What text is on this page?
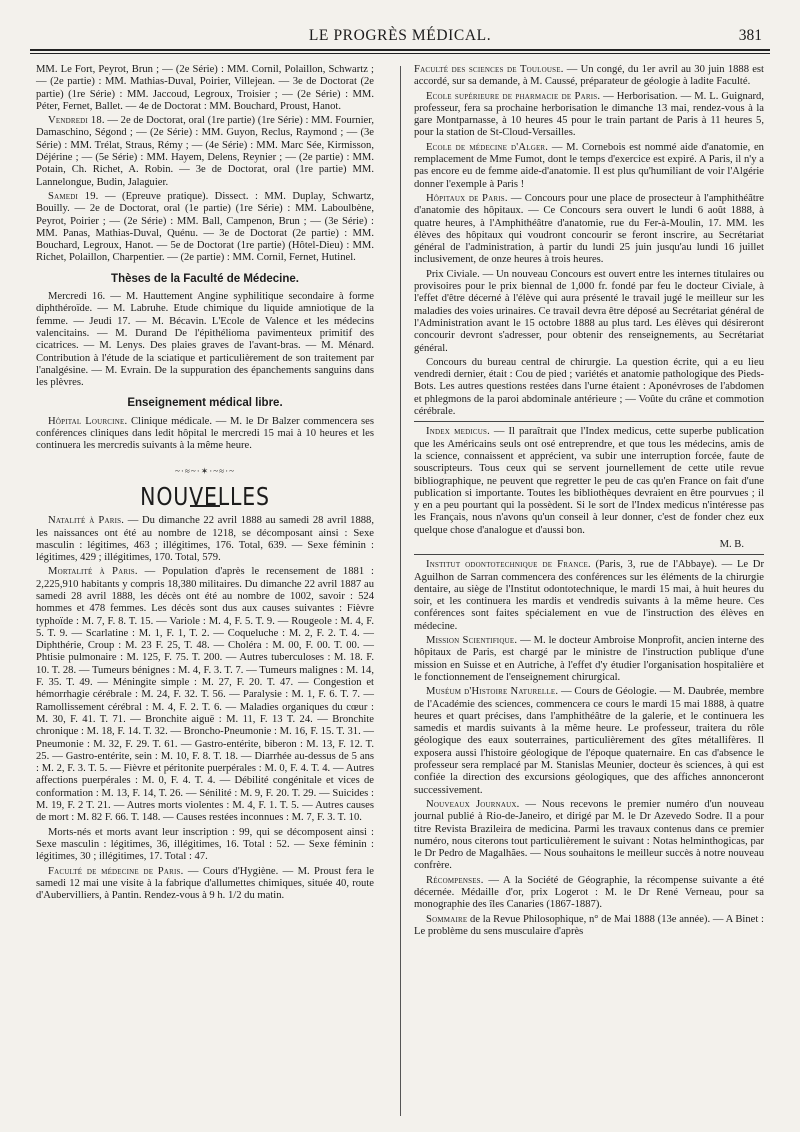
LE PROGRÈS MÉDICAL.	381

MM. Le Fort, Peyrot, Brun ; — (2e Série) : MM. Cornil, Polaillon, Schwartz ; — (2e partie) : MM. Mathias-Duval, Poirier, Villejean. — 3e de Doctorat (2e partie) (1re Série) : MM. Jaccoud, Legroux, Troisier ; — (2e Série) : MM. Péter, Fernet, Ballet. — 4e de Doctorat : MM. Bouchard, Proust, Hanot.

Vendredi 18. — 2e de Doctorat, oral (1re partie) (1re Série) : MM. Fournier, Damaschino, Ségond ; — (2e Série) : MM. Guyon, Reclus, Raymond ; — (3e Série) : MM. Trélat, Straus, Rémy ; — (4e Série) : MM. Marc Sée, Kirmisson, Déjérine ; — (5e Série) : MM. Hayem, Delens, Reynier ; — (2e partie) : MM. Potain, Ch. Richet, A. Robin. — 3e de Doctorat, oral (1re partie) MM. Lannelongue, Budin, Jalaguier.

Samedi 19. — (Epreuve pratique). Dissect. : MM. Duplay, Schwartz, Bouilly. — 2e de Doctorat, oral (1e partie) (1re Série) : MM. Laboulbène, Peyrot, Poirier ; — (2e Série) : MM. Ball, Campenon, Brun ; — (3e Série) : MM. Panas, Mathias-Duval, Quénu. — 3e de Doctorat (2e partie) : MM. Bouchard, Legroux, Hanot. — 5e de Doctorat (1re partie) (Hôtel-Dieu) : MM. Richet, Polaillon, Charpentier. — (2e partie) : MM. Cornil, Fernet, Hutinel.

Thèses de la Faculté de Médecine.

Mercredi 16. — M. Hauttement Angine syphilitique secondaire à forme diphthéroïde. — M. Labruhe. Etude chimique du liquide amniotique de la femme. — Jeudi 17. — M. Bécavin. L'Ecole de Valence et les médecins valencitains. — M. Durand De l'épithélioma pavimenteux primitif des cicatrices. — M. Lenys. Des plaies graves de l'avant-bras. — M. Ménard. Contribution à l'étude de la sciatique et particulièrement de son traitement par l'analgésine. — M. Evrain. De la suppuration des épanchements sanguins dans les plèvres.

Enseignement médical libre.

Hôpital Lourcine. Clinique médicale. — M. le Dr Balzer commencera ses conférences cliniques dans ledit hôpital le mercredi 15 mai à 10 heures et les continuera les mercredis suivants à la même heure.

~·≈~·✶·~≈·~
NOUVELLES

Natalité à Paris. — Du dimanche 22 avril 1888 au samedi 28 avril 1888, les naissances ont été au nombre de 1218, se décomposant ainsi : Sexe masculin : légitimes, 463 ; illégitimes, 176. Total, 639. — Sexe féminin : légitimes, 429 ; illégitimes, 170. Total, 579.

Mortalité à Paris. — Population d'après le recensement de 1881 : 2,225,910 habitants y compris 18,380 militaires. Du dimanche 22 avril 1887 au samedi 28 avril 1888, les décès ont été au nombre de 1002, savoir : 524 hommes et 478 femmes. Les décès sont dus aux causes suivantes : Fièvre typhoïde : M. 7, F. 8. T. 15. — Variole : M. 4, F. 5. T. 9. — Rougeole : M. 4, F. 5. T. 9. — Scarlatine : M. 1, F. 1, T. 2. — Coqueluche : M. 2, F. 2. T. 4. — Diphthérie, Croup : M. 23 F. 25, T. 48. — Choléra : M. 00, F. 00. T. 00. — Phtisie pulmonaire : M. 125, F. 75. T. 200. — Autres tuberculoses : M. 18. F. 10. T. 28. — Tumeurs bénignes : M. 4, F. 3. T. 7. — Tumeurs malignes : M. 14, F. 35. T. 49. — Méningite simple : M. 27, F. 20. T. 47. — Congestion et hémorrhagie cérébrale : M. 24, F. 32. T. 56. — Paralysie : M. 1, F. 6. T. 7. — Ramollissement cérébral : M. 4, F. 2. T. 6. — Maladies organiques du cœur : M. 30, F. 41. T. 71. — Bronchite aiguë : M. 11, F. 13 T. 24. — Bronchite chronique : M. 18, F. 14. T. 32. — Broncho-Pneumonie : M. 16, F. 15. T. 31. — Pneumonie : M. 32, F. 29. T. 61. — Gastro-entérite, biberon : M. 13, F. 12. T. 25. — Gastro-entérite, sein : M. 10, F. 8. T. 18. — Diarrhée au-dessus de 5 ans : M. 2, F. 3. T. 5. — Fièvre et péritonite puerpérales : M. 0, F. 4. T. 4. — Autres affections puerpérales : M. 0, F. 4. T. 4. — Débilité congénitale et vices de conformation : M. 13, F. 14, T. 26. — Sénilité : M. 9, F. 20. T. 29. — Suicides : M. 19, F. 2 T. 21. — Autres morts violentes : M. 4, F. 1. T. 5. — Autres causes de mort : M. 82 F. 66. T. 148. — Causes restées inconnues : M. 7, F. 3. T. 10.

Morts-nés et morts avant leur inscription : 99, qui se décomposent ainsi : Sexe masculin : légitimes, 36, illégitimes, 16. Total : 52. — Sexe féminin : légitimes, 30 ; illégitimes, 17. Total : 47.

Faculté de médecine de Paris. — Cours d'Hygiène. — M. Proust fera le samedi 12 mai une visite à la fabrique d'allumettes chimiques, située 40, route d'Aubervilliers, à Pantin. Rendez-vous à 9 h. 1/2 du matin.

Faculté des sciences de Toulouse. — Un congé, du 1er avril au 30 juin 1888 est accordé, sur sa demande, à M. Caussé, préparateur de géologie à ladite Faculté.

Ecole supérieure de pharmacie de Paris. — Herborisation. — M. L. Guignard, professeur, fera sa prochaine herborisation le dimanche 13 mai, rendez-vous à la gare Montparnasse, à 10 heures 45 pour le train partant de Paris à 11 heures 5, pour la station de St-Cloud-Versailles.

Ecole de médecine d'Alger. — M. Cornebois est nommé aide d'anatomie, en remplacement de Mme Fumot, dont le temps d'exercice est expiré. A Paris, il n'y a pas encore eu de femme aide-d'anatomie. Il est plus qu'humiliant de voir l'Algérie donner l'exemple à Paris !

Hôpitaux de Paris. — Concours pour une place de prosecteur à l'amphithéâtre d'anatomie des hôpitaux. — Ce Concours sera ouvert le lundi 6 août 1888, à quatre heures, à l'Amphithéâtre d'anatomie, rue du Fer-à-Moulin, 17. MM. les élèves des hôpitaux qui voudront concourir se feront inscrire, au Secrétariat général de l'administration, à partir du lundi 25 juin jusqu'au lundi 16 juillet inclusivement, de onze heures à trois heures.

Prix Civiale. — Un nouveau Concours est ouvert entre les internes titulaires ou provisoires pour le prix biennal de 1,000 fr. fondé par feu le docteur Civiale, à l'effet d'être décerné à l'élève qui aura présenté le travail jugé le meilleur sur les maladies des voies urinaires. Ce travail devra être déposé au Secrétariat général de l'Administration avant le 15 octobre 1888 au plus tard. Les élèves qui désireront concourir devront s'adresser, pour obtenir des renseignements, au Secrétariat général.

Concours du bureau central de chirurgie. La question écrite, qui a eu lieu vendredi dernier, était : Cou de pied ; variétés et anatomie pathologique des Pieds-Bots. Les autres questions restées dans l'urne étaient : Aponévroses de l'abdomen et phlegmons de la paroi abdominale antérieure ; — Voûte du crâne et commotion cérébrale.

Index medicus. — Il paraîtrait que l'Index medicus, cette superbe publication que les Américains seuls ont osé entreprendre, et que tous les médecins, amis de la science, connaissent et apprécient, va subir une interruption forcée, faute de souscripteurs. Tous ceux qui se servent journellement de cette utile revue bibliographique, ne peuvent que regretter le peu de cas qu'en France on fait d'une publication si importante. Toutes les bibliothèques devraient en être pourvues ; il y en a peu pourtant qui la possèdent. Si le sort de l'Index medicus n'intéresse pas les Français, nous n'avons qu'un conseil à leur donner, c'est de fonder chez eux quelque chose d'analogue et d'aussi bon.

M. B.

Institut odontotechnique de France. (Paris, 3, rue de l'Abbaye). — Le Dr Aguilhon de Sarran commencera des conférences sur les éléments de la chirurgie dentaire, au siège de l'Institut odontotechnique, le mardi 15 mai, à huit heures du soir, et les continuera les mardis et vendredis suivants à la même heure. Ces conférences sont faites spécialement en vue de l'instruction des élèves en médecine.

Mission Scientifique. — M. le docteur Ambroise Monprofit, ancien interne des hôpitaux de Paris, est chargé par le ministre de l'instruction publique d'une mission en Suisse et en Autriche, à l'effet d'y étudier l'organisation hospitalière et le fonctionnement de l'enseignement chirurgical.

Muséum d'Histoire Naturelle. — Cours de Géologie. — M. Daubrée, membre de l'Académie des sciences, commencera ce cours le mardi 15 mai 1888, à quatre heures et quart précises, dans l'amphithéâtre de la galerie, et le continuera les samedis et mardis suivants à la même heure. Le professeur, traitera du rôle géologique des eaux souterraines, particulièrement des gîtes métallifères. Il exposera aussi l'histoire géologique de l'époque quaternaire. En cas d'absence le professeur sera remplacé par M. Stanislas Meunier, docteur ès sciences, à qui est confiée la direction des excursions géologiques, que des affiches annonceront successivement.

Nouveaux Journaux. — Nous recevons le premier numéro d'un nouveau journal publié à Rio-de-Janeiro, et dirigé par M. le Dr Azevedo Sodre. Il a pour titre Revista Brazileira de medicina. Parmi les travaux contenus dans ce premier numéro, nous citerons tout particulièrement le suivant : Notas helminthogicas, par le Dr Pedro de Magalhães. — Nous souhaitons le meilleur succès à notre nouveau confrère.

Récompenses. — A la Société de Géographie, la récompense suivante a été décernée. Médaille d'or, prix Logerot : M. le Dr René Verneau, pour sa monographie des îles Canaries (1867-1887).

Sommaire de la Revue Philosophique, n° de Mai 1888 (13e année). — A Binet : Le problème du sens musculaire d'après
